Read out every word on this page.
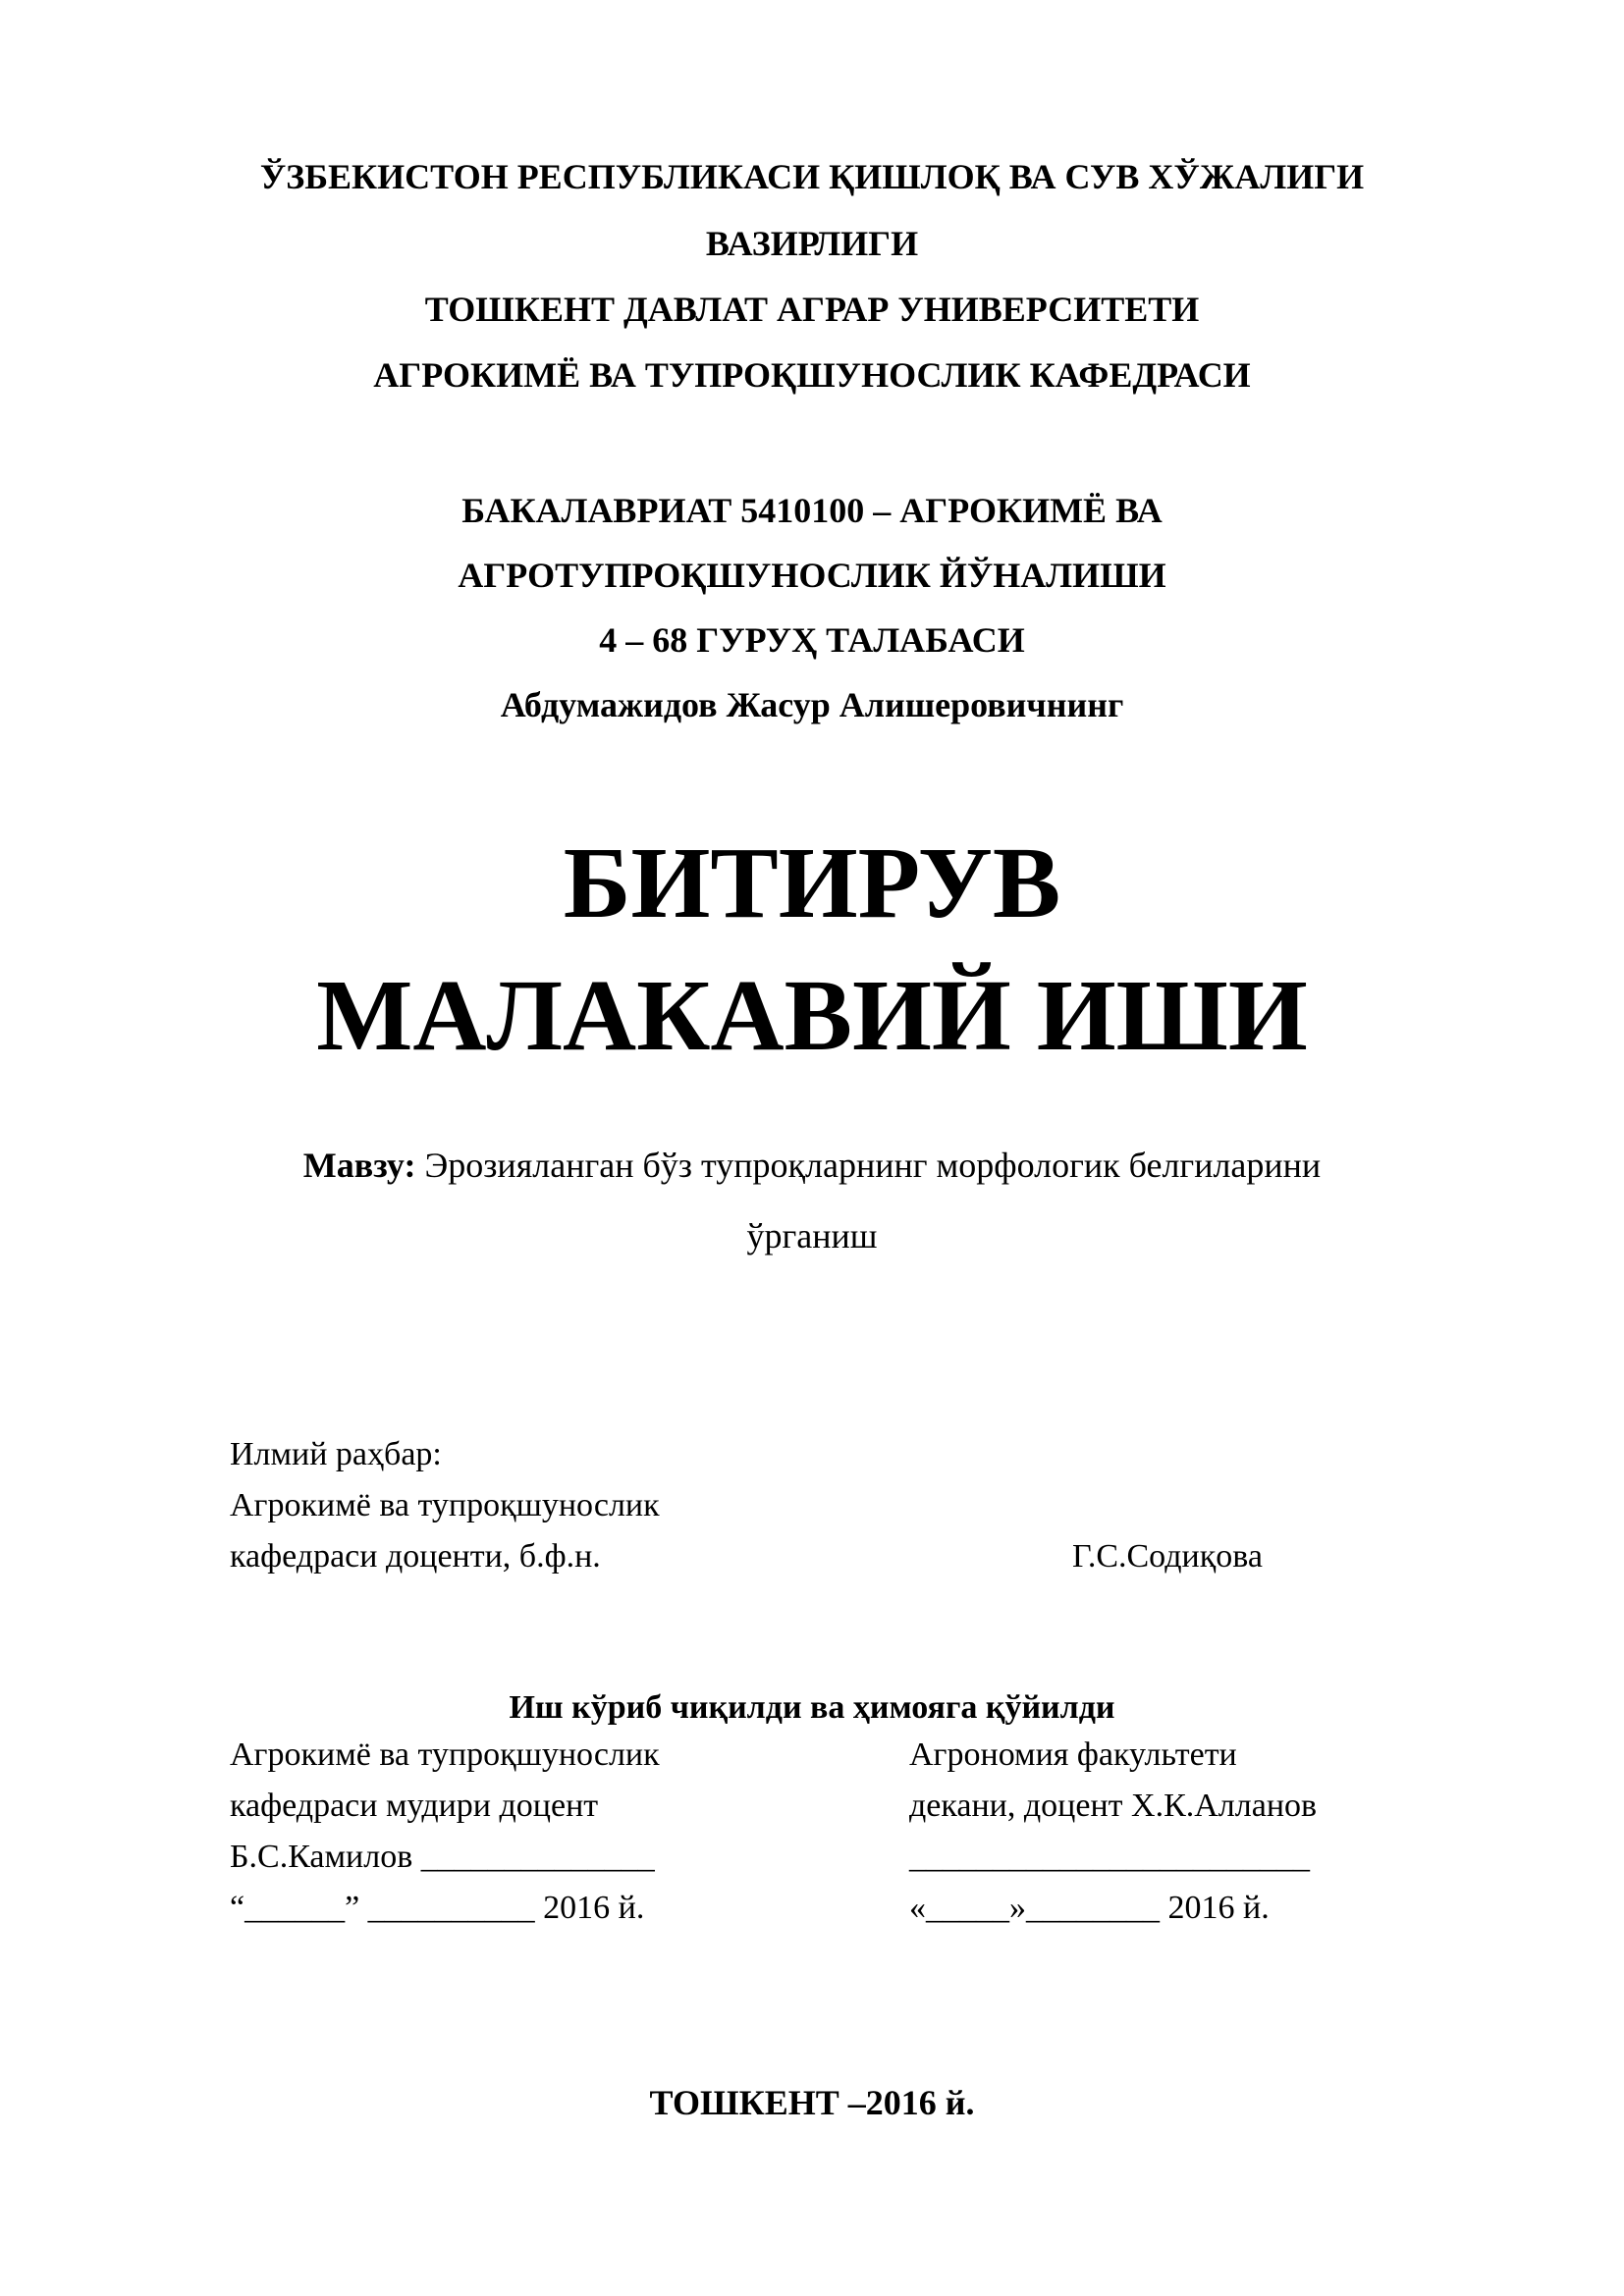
ЎЗБЕКИСТОН РЕСПУБЛИКАСИ ҚИШЛОҚ ВА СУВ ХЎЖАЛИГИ
ВАЗИРЛИГИ
ТОШКЕНТ ДАВЛАТ АГРАР УНИВЕРСИТЕТИ
АГРОКИМЁ ВА ТУПРОҚШУНОСЛИК КАФЕДРАСИ
БАКАЛАВРИАТ 5410100 – АГРОКИМЁ ВА
АГРОТУПРОҚШУНОСЛИК ЙЎНАЛИШИ
4 – 68 ГУРУҲ ТАЛАБАСИ
Абдумажидов Жасур Алишеровичнинг
БИТИРУВ
МАЛАКАВИЙ ИШИ
Мавзу: Эрозияланган бўз тупроқларнинг морфологик белгиларини
ўрганиш
Илмий раҳбар:
Агрокимё ва тупроқшунослик
кафедраси доценти, б.ф.н.	Г.С.Содиқова
Иш кўриб чиқилди ва ҳимояга қўйилди
Агрокимё ва тупроқшунослик
кафедраси мудири доцент
Б.С.Камилов ______________
“______” __________ 2016 й.
Агрономия факультети
декани, доцент Х.К.Алланов
________________________
«_____»________ 2016 й.
ТОШКЕНТ –2016 й.
